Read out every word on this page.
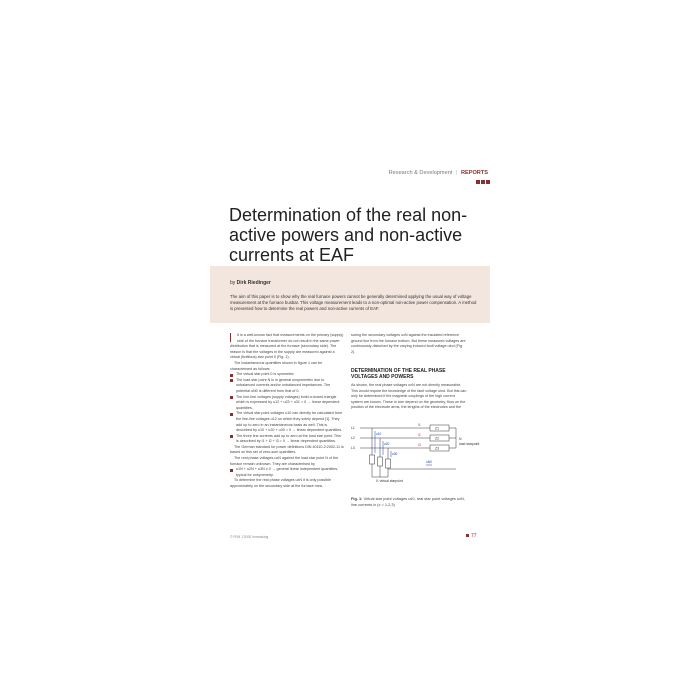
Research & Development | REPORTS
Determination of the real non-active powers and non-active currents at EAF
by Dirk Riedinger
The aim of this paper is to show why the real furnace powers cannot be generally determined applying the usual way of voltage measurement at the furnace busbar. This voltage measurement leads to a non-optimal non-active power compensation. A method is presented how to determine the real powers and non-active currents of EAF.

It is a well-known fact that measurements on the primary (supply) side of the furnace transformer do not result in the same power distribution that is measured at the furnace (secondary side). The reason is that the voltages in the supply are measured against a virtual (fictitious) star point 0 (Fig. 1).

The instantaneous quantities shown in figure 1 can be characterised as follows:

The virtual star point 0 is symmetric
The load star point N is in general unsymmetric due to unbalanced currents and/or unbalanced impedances. The potential uN0 is different from that of 0.
The line-line voltages (supply voltages) build a closed triangle which is expressed by u12 + u23 + u31 = 0 → linear dependent quantities.
The virtual star point voltages u10 can directly be calculated from the line-line voltages u12 on which they solely depend [1]. They add up to zero in an instantaneous basis as well. This is described by u10 + u20 + u30 = 0 → linear dependent quantities.
The three line currents add up to zero at the load star point. This is described by i1 + i2 + i3 = 0 → linear dependent quantities.

The German standard for power definitions DIN 40110-2:2002-11 is based on this set of zero-sum quantities.

The real phase voltages uxN against the load star point N of the furnace remain unknown. They are characterised by

u1N + u2N + u3N ≠ 0 → general linear independent quantities, typical for unsymmetry.

To determine the real phase voltages uxN it is only possible approximately on the secondary side at the furnace mea-

suring the secondary voltages uxN against the insulated reference ground line from the furnace bottom. But these measured voltages are continuously disturbed by the varying induced fault voltage uind (Fig. 2).
DETERMINATION OF THE REAL PHASE VOLTAGES AND POWERS
As shown, the real phase voltages uxN are not directly measurable. This would require the knowledge of the fault voltage uind. But this can only be determined if the magnetic couplings of the high current system are known. These in turn depend on the geometry, thus on the position of the electrode arms, the lengths of the electrodes and the
L1
L2
L3
Z1
Z2
Z3
N
load starpoint
0: virtual starpoint
i1
i2
i3
u10
u20
u30
uN0
Fig. 1: Virtual star point voltages ux0, real star point voltages uxN, line currents ix (x = 1,2,3)
© FEM 1'2008 Ironmaking	77
